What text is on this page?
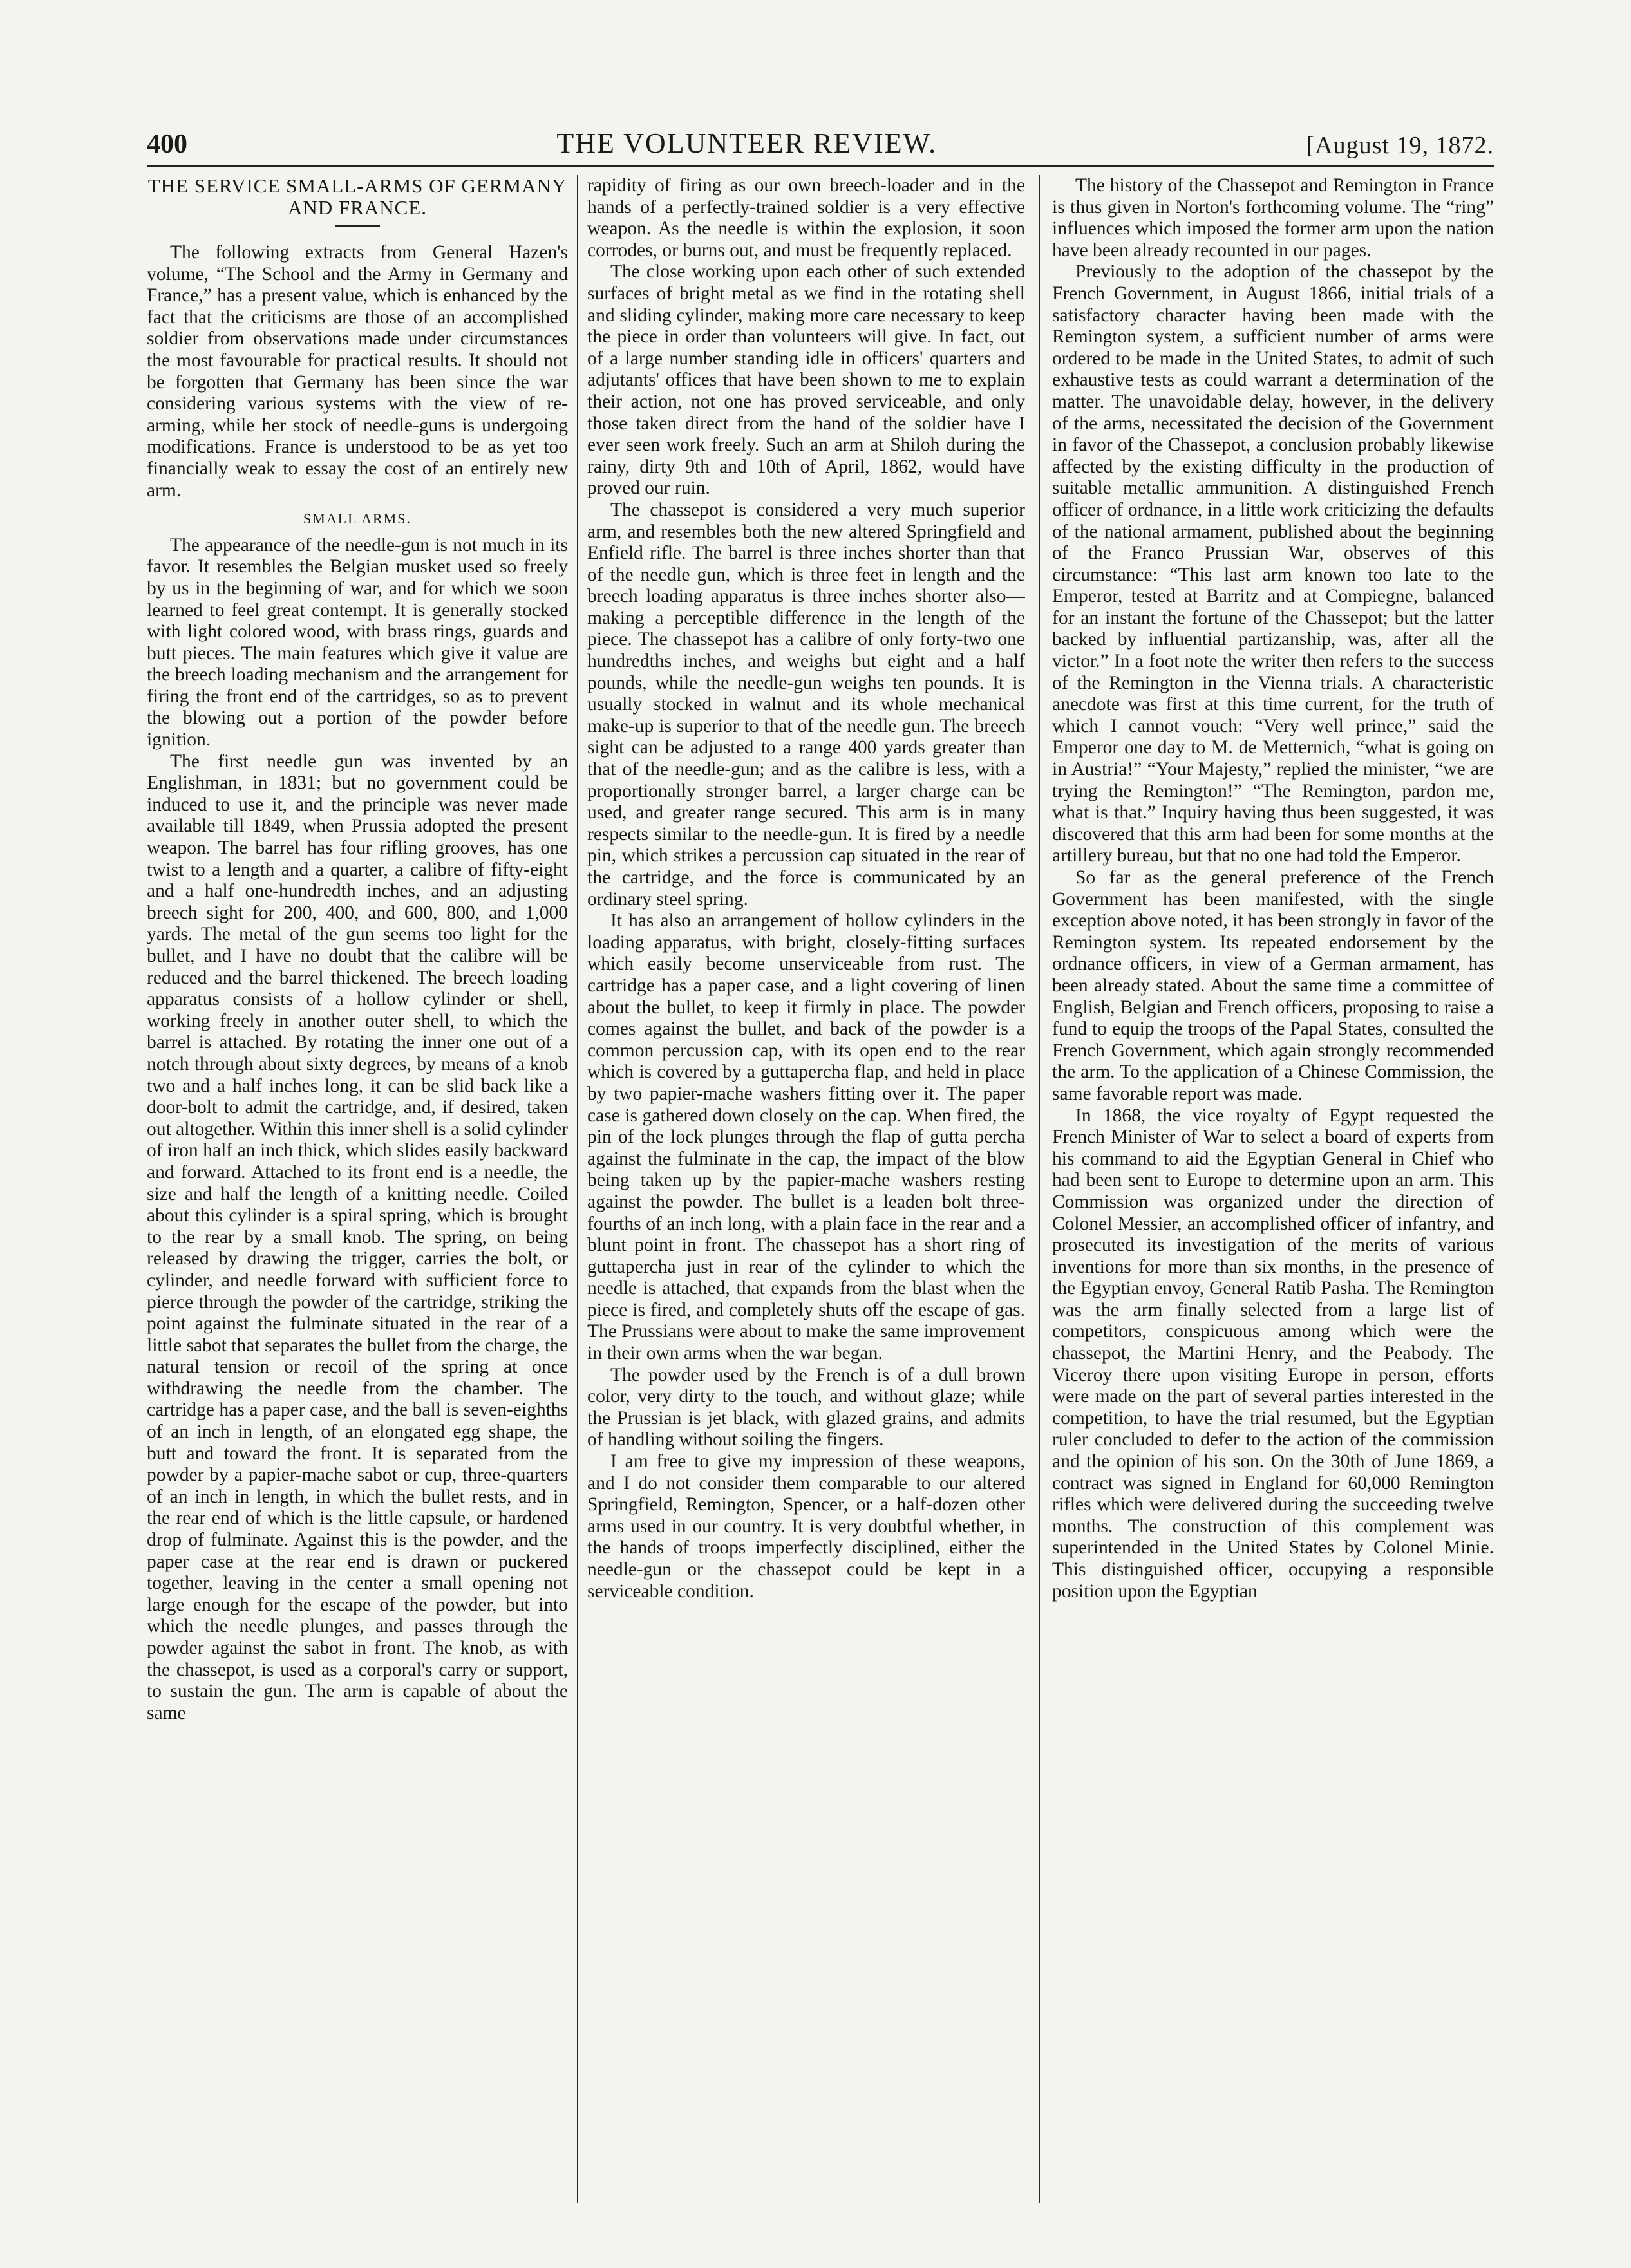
400	THE VOLUNTEER REVIEW.	[August 19, 1872.
THE SERVICE SMALL-ARMS OF GERMANY AND FRANCE.

The following extracts from General Hazen's volume, “The School and the Army in Germany and France,” has a present value, which is enhanced by the fact that the criticisms are those of an accomplished soldier from observations made under circumstances the most favourable for practical results. It should not be forgotten that Germany has been since the war considering various systems with the view of re-arming, while her stock of needle-guns is undergoing modifications. France is understood to be as yet too financially weak to essay the cost of an entirely new arm.

SMALL ARMS.

The appearance of the needle-gun is not much in its favor. It resembles the Belgian musket used so freely by us in the beginning of war, and for which we soon learned to feel great contempt. It is generally stocked with light colored wood, with brass rings, guards and butt pieces. The main features which give it value are the breech loading mechanism and the arrangement for firing the front end of the cartridges, so as to prevent the blowing out a portion of the powder before ignition.

The first needle gun was invented by an Englishman, in 1831; but no government could be induced to use it, and the principle was never made available till 1849, when Prussia adopted the present weapon. The barrel has four rifling grooves, has one twist to a length and a quarter, a calibre of fifty-eight and a half one-hundredth inches, and an adjusting breech sight for 200, 400, and 600, 800, and 1,000 yards. The metal of the gun seems too light for the bullet, and I have no doubt that the calibre will be reduced and the barrel thickened. The breech loading apparatus consists of a hollow cylinder or shell, working freely in another outer shell, to which the barrel is attached. By rotating the inner one out of a notch through about sixty degrees, by means of a knob two and a half inches long, it can be slid back like a door-bolt to admit the cartridge, and, if desired, taken out altogether. Within this inner shell is a solid cylinder of iron half an inch thick, which slides easily backward and forward. Attached to its front end is a needle, the size and half the length of a knitting needle. Coiled about this cylinder is a spiral spring, which is brought to the rear by a small knob. The spring, on being released by drawing the trigger, carries the bolt, or cylinder, and needle forward with sufficient force to pierce through the powder of the cartridge, striking the point against the fulminate situated in the rear of a little sabot that separates the bullet from the charge, the natural tension or recoil of the spring at once withdrawing the needle from the chamber. The cartridge has a paper case, and the ball is seven-eighths of an inch in length, of an elongated egg shape, the butt and toward the front. It is separated from the powder by a papier-mache sabot or cup, three-quarters of an inch in length, in which the bullet rests, and in the rear end of which is the little capsule, or hardened drop of fulminate. Against this is the powder, and the paper case at the rear end is drawn or puckered together, leaving in the center a small opening not large enough for the escape of the powder, but into which the needle plunges, and passes through the powder against the sabot in front. The knob, as with the chassepot, is used as a corporal's carry or support, to sustain the gun. The arm is capable of about the same

rapidity of firing as our own breech-loader and in the hands of a perfectly-trained soldier is a very effective weapon. As the needle is within the explosion, it soon corrodes, or burns out, and must be frequently replaced.

The close working upon each other of such extended surfaces of bright metal as we find in the rotating shell and sliding cylinder, making more care necessary to keep the piece in order than volunteers will give. In fact, out of a large number standing idle in officers' quarters and adjutants' offices that have been shown to me to explain their action, not one has proved serviceable, and only those taken direct from the hand of the soldier have I ever seen work freely. Such an arm at Shiloh during the rainy, dirty 9th and 10th of April, 1862, would have proved our ruin.

The chassepot is considered a very much superior arm, and resembles both the new altered Springfield and Enfield rifle. The barrel is three inches shorter than that of the needle gun, which is three feet in length and the breech loading apparatus is three inches shorter also—making a perceptible difference in the length of the piece. The chassepot has a calibre of only forty-two one hundredths inches, and weighs but eight and a half pounds, while the needle-gun weighs ten pounds. It is usually stocked in walnut and its whole mechanical make-up is superior to that of the needle gun. The breech sight can be adjusted to a range 400 yards greater than that of the needle-gun; and as the calibre is less, with a proportionally stronger barrel, a larger charge can be used, and greater range secured. This arm is in many respects similar to the needle-gun. It is fired by a needle pin, which strikes a percussion cap situated in the rear of the cartridge, and the force is communicated by an ordinary steel spring.

It has also an arrangement of hollow cylinders in the loading apparatus, with bright, closely-fitting surfaces which easily become unserviceable from rust. The cartridge has a paper case, and a light covering of linen about the bullet, to keep it firmly in place. The powder comes against the bullet, and back of the powder is a common percussion cap, with its open end to the rear which is covered by a guttapercha flap, and held in place by two papier-mache washers fitting over it. The paper case is gathered down closely on the cap. When fired, the pin of the lock plunges through the flap of gutta percha against the fulminate in the cap, the impact of the blow being taken up by the papier-mache washers resting against the powder. The bullet is a leaden bolt three-fourths of an inch long, with a plain face in the rear and a blunt point in front. The chassepot has a short ring of guttapercha just in rear of the cylinder to which the needle is attached, that expands from the blast when the piece is fired, and completely shuts off the escape of gas. The Prussians were about to make the same improvement in their own arms when the war began.

The powder used by the French is of a dull brown color, very dirty to the touch, and without glaze; while the Prussian is jet black, with glazed grains, and admits of handling without soiling the fingers.

I am free to give my impression of these weapons, and I do not consider them comparable to our altered Springfield, Remington, Spencer, or a half-dozen other arms used in our country. It is very doubtful whether, in the hands of troops imperfectly disciplined, either the needle-gun or the chassepot could be kept in a serviceable condition.

The history of the Chassepot and Remington in France is thus given in Norton's forthcoming volume. The “ring” influences which imposed the former arm upon the nation have been already recounted in our pages.

Previously to the adoption of the chassepot by the French Government, in August 1866, initial trials of a satisfactory character having been made with the Remington system, a sufficient number of arms were ordered to be made in the United States, to admit of such exhaustive tests as could warrant a determination of the matter. The unavoidable delay, however, in the delivery of the arms, necessitated the decision of the Government in favor of the Chassepot, a conclusion probably likewise affected by the existing difficulty in the production of suitable metallic ammunition. A distinguished French officer of ordnance, in a little work criticizing the defaults of the national armament, published about the beginning of the Franco Prussian War, observes of this circumstance: “This last arm known too late to the Emperor, tested at Barritz and at Compiegne, balanced for an instant the fortune of the Chassepot; but the latter backed by influential partizanship, was, after all the victor.” In a foot note the writer then refers to the success of the Remington in the Vienna trials. A characteristic anecdote was first at this time current, for the truth of which I cannot vouch: “Very well prince,” said the Emperor one day to M. de Metternich, “what is going on in Austria!” “Your Majesty,” replied the minister, “we are trying the Remington!” “The Remington, pardon me, what is that.” Inquiry having thus been suggested, it was discovered that this arm had been for some months at the artillery bureau, but that no one had told the Emperor.

So far as the general preference of the French Government has been manifested, with the single exception above noted, it has been strongly in favor of the Remington system. Its repeated endorsement by the ordnance officers, in view of a German armament, has been already stated. About the same time a committee of English, Belgian and French officers, proposing to raise a fund to equip the troops of the Papal States, consulted the French Government, which again strongly recommended the arm. To the application of a Chinese Commission, the same favorable report was made.

In 1868, the vice royalty of Egypt requested the French Minister of War to select a board of experts from his command to aid the Egyptian General in Chief who had been sent to Europe to determine upon an arm. This Commission was organized under the direction of Colonel Messier, an accomplished officer of infantry, and prosecuted its investigation of the merits of various inventions for more than six months, in the presence of the Egyptian envoy, General Ratib Pasha. The Remington was the arm finally selected from a large list of competitors, conspicuous among which were the chassepot, the Martini Henry, and the Peabody. The Viceroy there upon visiting Europe in person, efforts were made on the part of several parties interested in the competition, to have the trial resumed, but the Egyptian ruler concluded to defer to the action of the commission and the opinion of his son. On the 30th of June 1869, a contract was signed in England for 60,000 Remington rifles which were delivered during the succeeding twelve months. The construction of this complement was superintended in the United States by Colonel Minie. This distinguished officer, occupying a responsible position upon the Egyptian
